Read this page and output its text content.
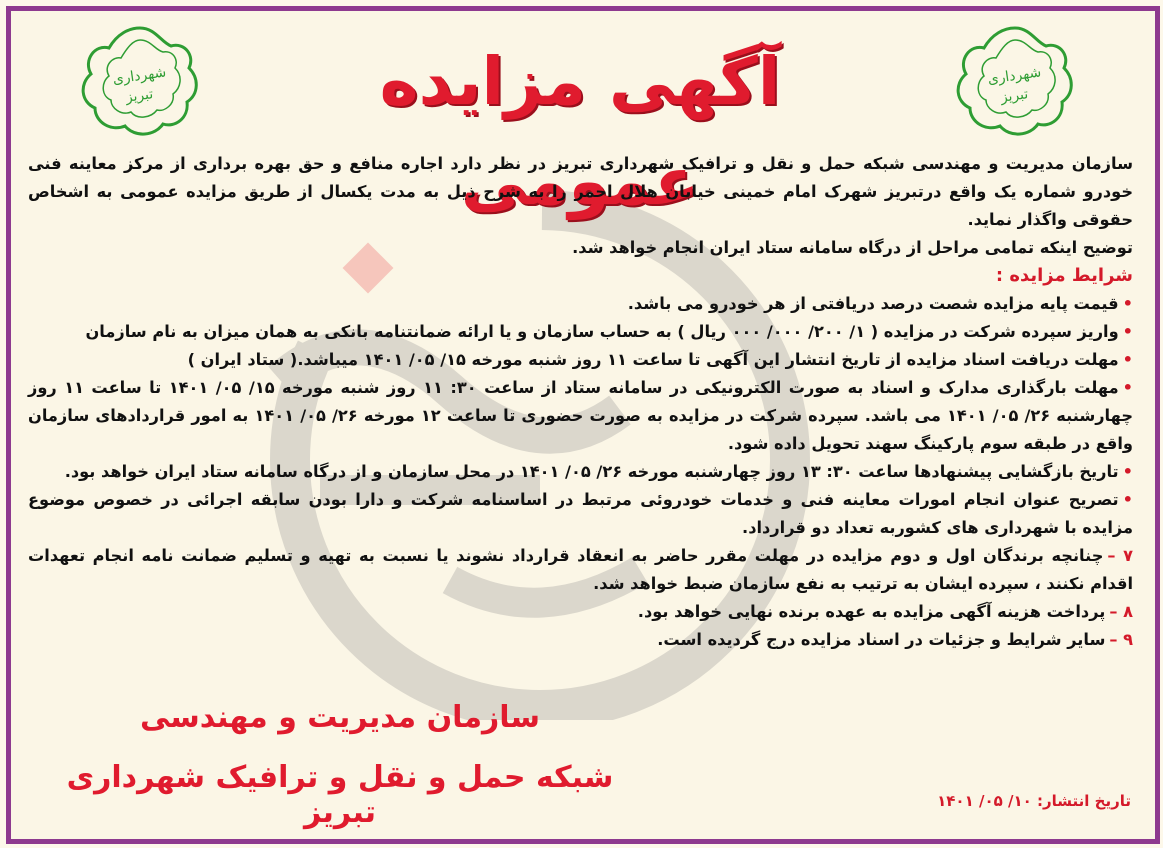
شهرداری
تبریز
شهرداری
تبریز	آگهی مزایده عمومی

سازمان مدیریت و مهندسی شبکه حمل و نقل و ترافیک شهرداری تبریز در نظر دارد اجاره منافع و حق بهره برداری از مرکز معاینه فنی خودرو شماره یک واقع درتبریز شهرک امام خمینی خیابان هلال احمر را به شرح ذیل به مدت یکسال از طریق مزایده عمومی به اشخاص حقوقی واگذار نماید.

توضیح اینکه تمامی مراحل از درگاه سامانه ستاد ایران انجام خواهد شد.

شرایط مزایده :

•قیمت پایه مزایده شصت درصد دریافتی از هر خودرو می باشد.

•واریز سپرده شرکت در مزایده ( ۱/ ۲۰۰/ ۰۰۰/ ۰۰۰ ریال ) به حساب سازمان و یا ارائه ضمانتنامه بانکی به همان میزان به نام سازمان

•مهلت دریافت اسناد مزایده از تاریخ انتشار این آگهی تا ساعت ۱۱ روز شنبه مورخه ۱۵/ ۰۵/ ۱۴۰۱ میباشد.( ستاد ایران )

•مهلت بارگذاری مدارک و اسناد به صورت الکترونیکی در سامانه ستاد از ساعت ۳۰: ۱۱ روز شنبه مورخه ۱۵/ ۰۵/ ۱۴۰۱ تا ساعت ۱۱ روز چهارشنبه ۲۶/ ۰۵/ ۱۴۰۱ می باشد. سپرده شرکت در مزایده به صورت حضوری تا ساعت ۱۲ مورخه ۲۶/ ۰۵/ ۱۴۰۱ به امور قراردادهای سازمان واقع در طبقه سوم پارکینگ سهند تحویل داده شود.

•تاریخ بازگشایی پیشنهادها ساعت ۳۰: ۱۳ روز چهارشنبه مورخه ۲۶/ ۰۵/ ۱۴۰۱ در محل سازمان و از درگاه سامانه ستاد ایران خواهد بود.

•تصریح عنوان انجام امورات معاینه فنی و خدمات خودروئی مرتبط در اساسنامه شرکت و دارا بودن سابقه اجرائی در خصوص موضوع مزایده با شهرداری های کشوربه تعداد دو قرارداد.

۷ –چنانچه برندگان اول و دوم مزایده در مهلت مقرر حاضر به انعقاد قرارداد نشوند یا نسبت به تهیه و تسلیم ضمانت نامه انجام تعهدات اقدام نکنند ، سپرده ایشان به ترتیب به نفع سازمان ضبط خواهد شد.

۸ –پرداخت هزینه آگهی مزایده به عهده برنده نهایی خواهد بود.

۹ –سایر شرایط و جزئیات در اسناد مزایده درج گردیده است.

سازمان مدیریت و مهندسی
شبکه حمل و نقل و ترافیک شهرداری تبریز	تاریخ انتشار: ۱۰/ ۰۵/ ۱۴۰۱
